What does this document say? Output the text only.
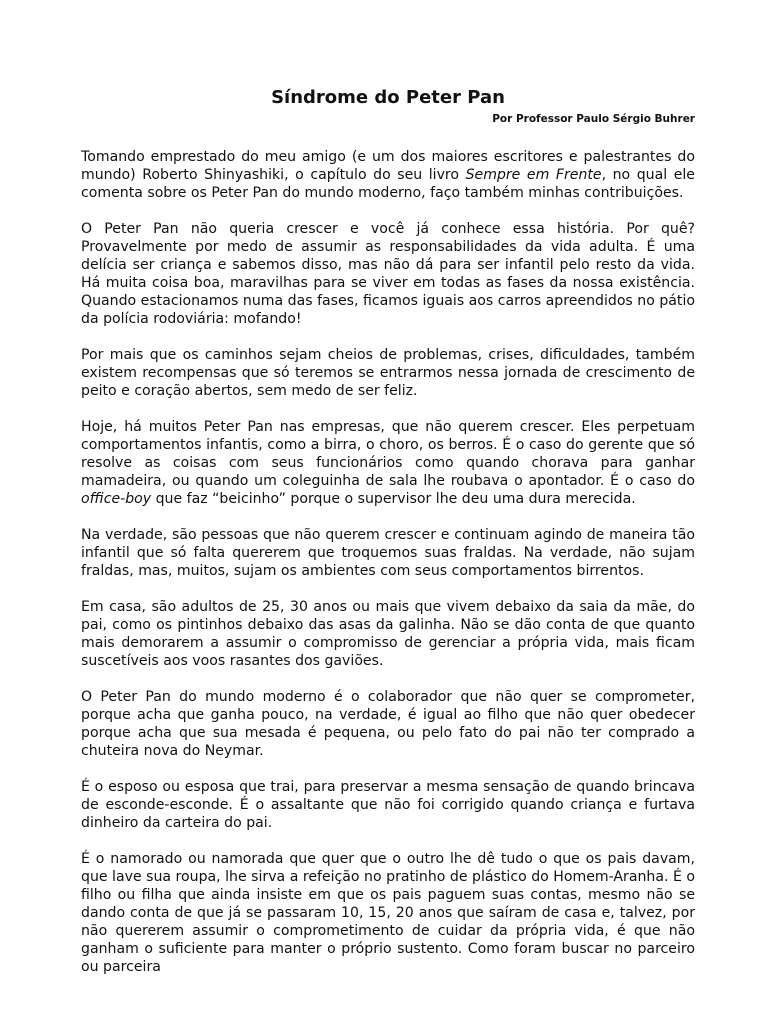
Síndrome do Peter Pan
Por Professor Paulo Sérgio Buhrer

Tomando emprestado do meu amigo (e um dos maiores escritores e palestrantes do mundo) Roberto Shinyashiki, o capítulo do seu livro Sempre em Frente, no qual ele comenta sobre os Peter Pan do mundo moderno, faço também minhas contribuições.

O Peter Pan não queria crescer e você já conhece essa história. Por quê? Provavelmente por medo de assumir as responsabilidades da vida adulta. É uma delícia ser criança e sabemos disso, mas não dá para ser infantil pelo resto da vida. Há muita coisa boa, maravilhas para se viver em todas as fases da nossa existência. Quando estacionamos numa das fases, ficamos iguais aos carros apreendidos no pátio da polícia rodoviária: mofando!

Por mais que os caminhos sejam cheios de problemas, crises, dificuldades, também existem recompensas que só teremos se entrarmos nessa jornada de crescimento de peito e coração abertos, sem medo de ser feliz.

Hoje, há muitos Peter Pan nas empresas, que não querem crescer. Eles perpetuam comportamentos infantis, como a birra, o choro, os berros. É o caso do gerente que só resolve as coisas com seus funcionários como quando chorava para ganhar mamadeira, ou quando um coleguinha de sala lhe roubava o apontador. É o caso do office-boy que faz “beicinho” porque o supervisor lhe deu uma dura merecida.

Na verdade, são pessoas que não querem crescer e continuam agindo de maneira tão infantil que só falta quererem que troquemos suas fraldas. Na verdade, não sujam fraldas, mas, muitos, sujam os ambientes com seus comportamentos birrentos.

Em casa, são adultos de 25, 30 anos ou mais que vivem debaixo da saia da mãe, do pai, como os pintinhos debaixo das asas da galinha. Não se dão conta de que quanto mais demorarem a assumir o compromisso de gerenciar a própria vida, mais ficam suscetíveis aos voos rasantes dos gaviões.

O Peter Pan do mundo moderno é o colaborador que não quer se comprometer, porque acha que ganha pouco, na verdade, é igual ao filho que não quer obedecer porque acha que sua mesada é pequena, ou pelo fato do pai não ter comprado a chuteira nova do Neymar.

É o esposo ou esposa que trai, para preservar a mesma sensação de quando brincava de esconde-esconde. É o assaltante que não foi corrigido quando criança e furtava dinheiro da carteira do pai.

É o namorado ou namorada que quer que o outro lhe dê tudo o que os pais davam, que lave sua roupa, lhe sirva a refeição no pratinho de plástico do Homem-Aranha. É o filho ou filha que ainda insiste em que os pais paguem suas contas, mesmo não se dando conta de que já se passaram 10, 15, 20 anos que saíram de casa e, talvez, por não quererem assumir o comprometimento de cuidar da própria vida, é que não ganham o suficiente para manter o próprio sustento. Como foram buscar no parceiro ou parceira
